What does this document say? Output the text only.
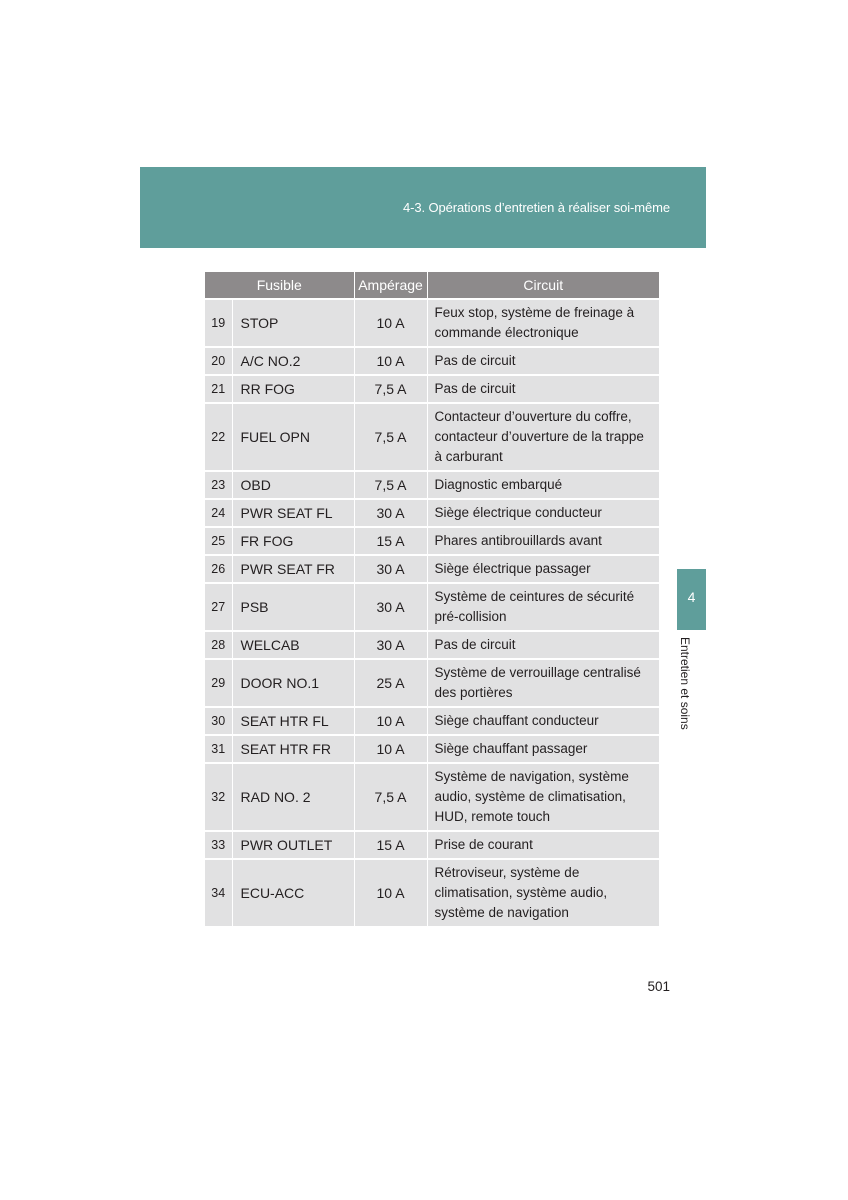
4-3. Opérations d’entretien à réaliser soi-même
Fusible		Ampérage	Circuit
19	STOP	10 A	Feux stop, système de freinage à commande électronique
20	A/C NO.2	10 A	Pas de circuit
21	RR FOG	7,5 A	Pas de circuit
22	FUEL OPN	7,5 A	Contacteur d’ouverture du coffre, contacteur d’ouverture de la trappe à carburant
23	OBD	7,5 A	Diagnostic embarqué
24	PWR SEAT FL	30 A	Siège électrique conducteur
25	FR FOG	15 A	Phares antibrouillards avant
26	PWR SEAT FR	30 A	Siège électrique passager
27	PSB	30 A	Système de ceintures de sécurité pré-collision
28	WELCAB	30 A	Pas de circuit
29	DOOR NO.1	25 A	Système de verrouillage centralisé des portières
30	SEAT HTR FL	10 A	Siège chauffant conducteur
31	SEAT HTR FR	10 A	Siège chauffant passager
32	RAD NO. 2	7,5 A	Système de navigation, système audio, système de climatisation, HUD, remote touch
33	PWR OUTLET	15 A	Prise de courant
34	ECU-ACC	10 A	Rétroviseur, système de climatisation, système audio, système de navigation
4
Entretien et soins
501
